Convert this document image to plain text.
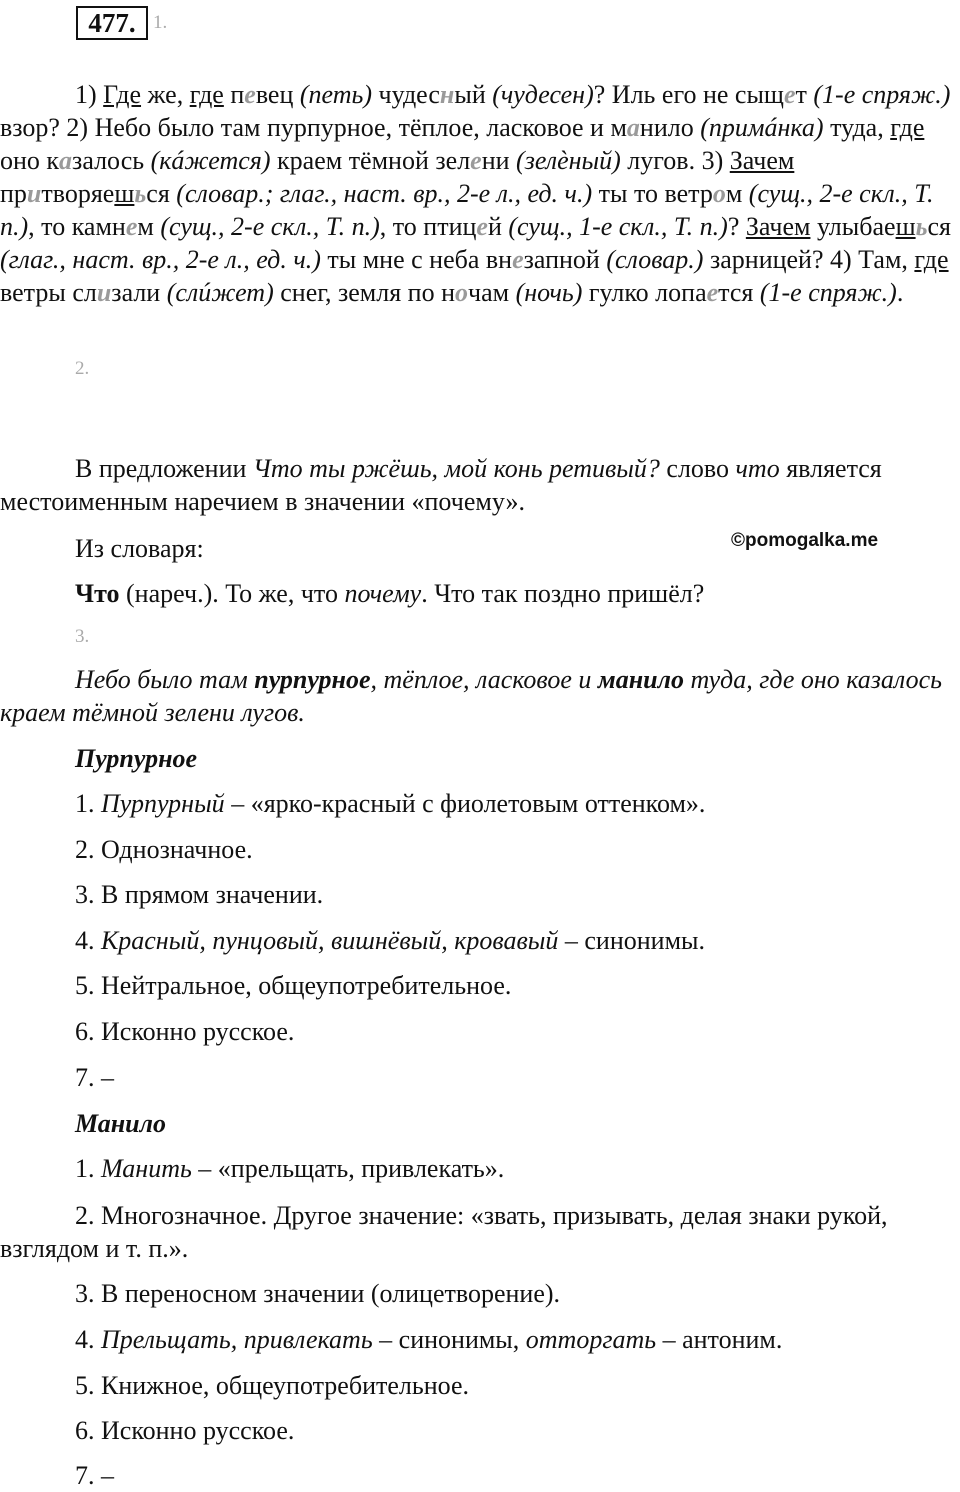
477. 1.

1) Где же, где певец (петь) чудесный (чудесен)? Иль его не сыщет (1-е спряж.) взор? 2) Небо было там пурпурное, тёплое, ласковое и манило (примáнка) туда, где оно казалось (кáжется) краем тёмной зелени (зелѐный) лугов. 3) Зачем притворяешься (словар.; глаг., наст. вр., 2-е л., ед. ч.) ты то ветром (сущ., 2-е скл., Т. п.), то камнем (сущ., 2-е скл., Т. п.), то птицей (сущ., 1-е скл., Т. п.)? Зачем улыбаешься (глаг., наст. вр., 2-е л., ед. ч.) ты мне с неба внезапной (словар.) зарницей? 4) Там, где ветры слизали (слúжет) снег, земля по ночам (ночь) гулко лопается (1-е спряж.).

2.

В предложении Что ты ржёшь, мой конь ретивый? слово что является местоименным наречием в значении «почему».

Из словаря:	©pomogalka.me
Что (нареч.). То же, что почему. Что так поздно пришёл?
3.

Небо было там пурпурное, тёплое, ласковое и манило туда, где оно казалось краем тёмной зелени лугов.

Пурпурное
1. Пурпурный – «ярко-красный с фиолетовым оттенком».
2. Однозначное.
3. В прямом значении.
4. Красный, пунцовый, вишнёвый, кровавый – синонимы.
5. Нейтральное, общеупотребительное.
6. Исконно русское.
7. –
Манило
1. Манить – «прельщать, привлекать».

2. Многозначное. Другое значение: «звать, призывать, делая знаки рукой, взглядом и т. п.».

3. В переносном значении (олицетворение).
4. Прельщать, привлекать – синонимы, отторгать – антоним.
5. Книжное, общеупотребительное.
6. Исконно русское.
7. –
